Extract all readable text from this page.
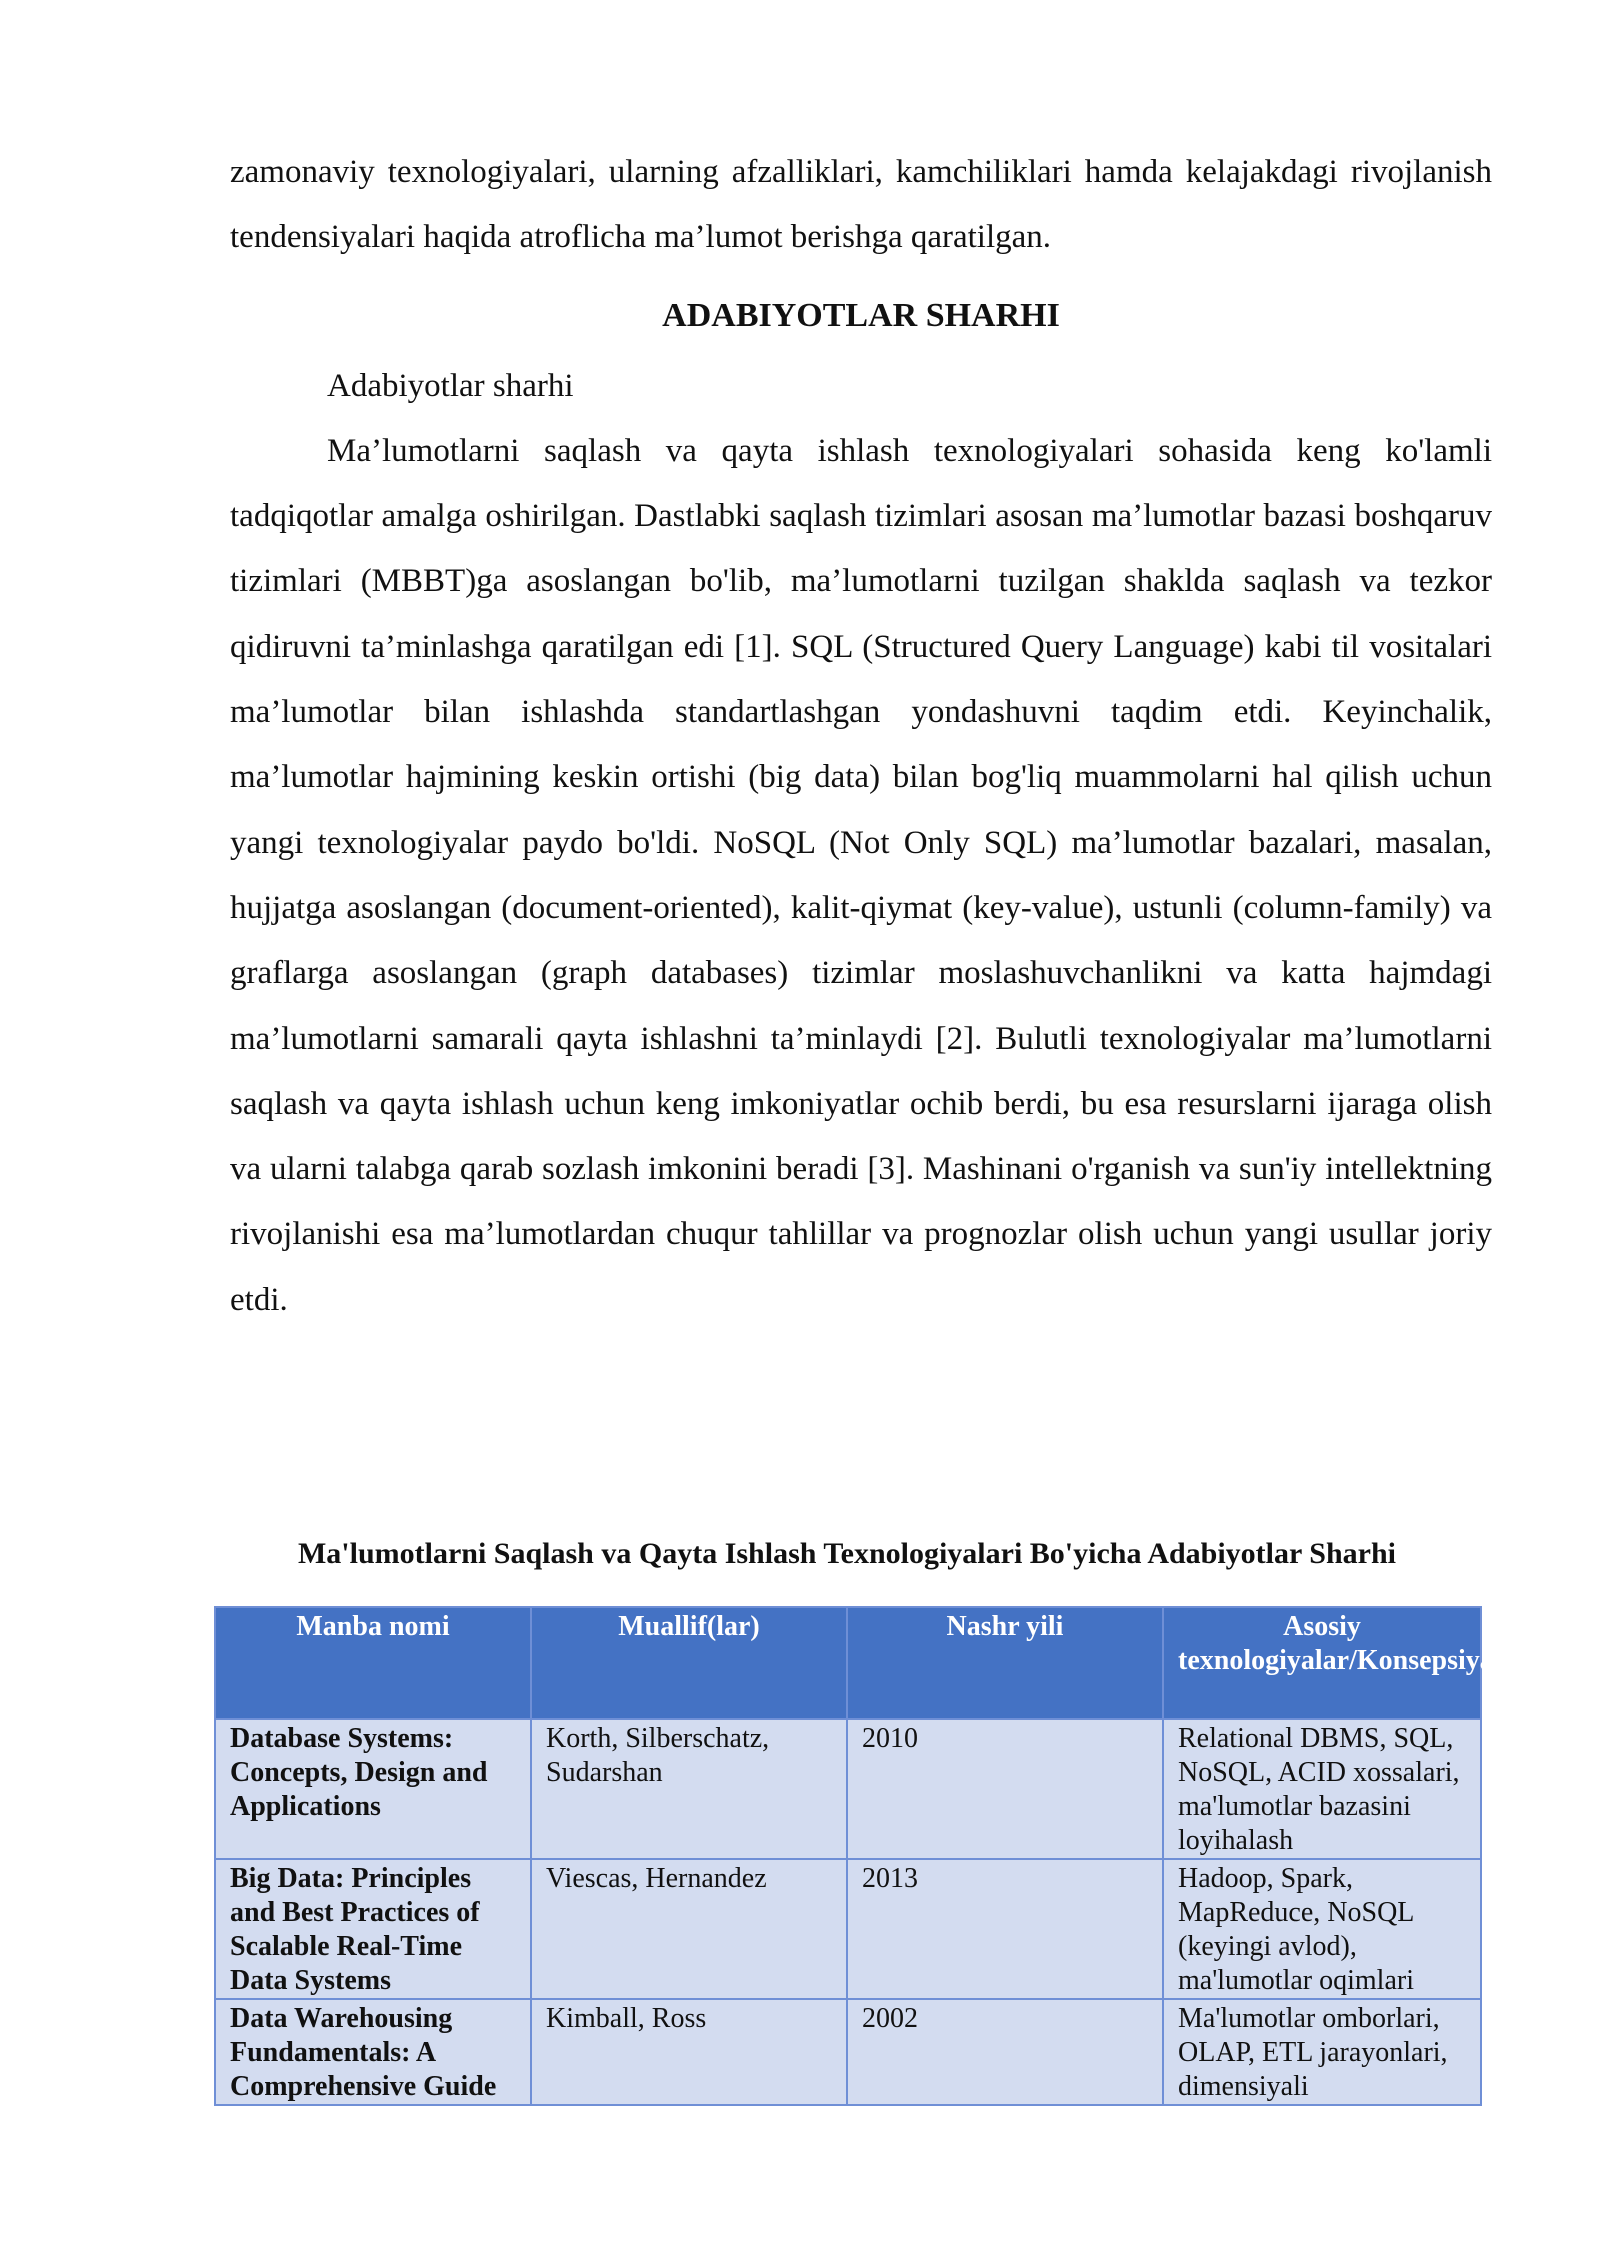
zamonaviy texnologiyalari, ularning afzalliklari, kamchiliklari hamda kelajakdagi rivojlanish tendensiyalari haqida atroflicha ma’lumot berishga qaratilgan.

ADABIYOTLAR SHARHI

Adabiyotlar sharhi

Ma’lumotlarni saqlash va qayta ishlash texnologiyalari sohasida keng ko'lamli tadqiqotlar amalga oshirilgan. Dastlabki saqlash tizimlari asosan ma’lumotlar bazasi boshqaruv tizimlari (MBBT)ga asoslangan bo'lib, ma’lumotlarni tuzilgan shaklda saqlash va tezkor qidiruvni ta’minlashga qaratilgan edi [1]. SQL (Structured Query Language) kabi til vositalari ma’lumotlar bilan ishlashda standartlashgan yondashuvni taqdim etdi. Keyinchalik, ma’lumotlar hajmining keskin ortishi (big data) bilan bog'liq muammolarni hal qilish uchun yangi texnologiyalar paydo bo'ldi. NoSQL (Not Only SQL) ma’lumotlar bazalari, masalan, hujjatga asoslangan (document-oriented), kalit-qiymat (key-value), ustunli (column-family) va graflarga asoslangan (graph databases) tizimlar moslashuvchanlikni va katta hajmdagi ma’lumotlarni samarali qayta ishlashni ta’minlaydi [2]. Bulutli texnologiyalar ma’lumotlarni saqlash va qayta ishlash uchun keng imkoniyatlar ochib berdi, bu esa resurslarni ijaraga olish va ularni talabga qarab sozlash imkonini beradi [3]. Mashinani o'rganish va sun'iy intellektning rivojlanishi esa ma’lumotlardan chuqur tahlillar va prognozlar olish uchun yangi usullar joriy etdi.

Ma'lumotlarni Saqlash va Qayta Ishlash Texnologiyalari Bo'yicha Adabiyotlar Sharhi
Manba nomi	Muallif(lar)	Nashr yili	Asosiy texnologiyalar/Konsepsiyalar
Database Systems: Concepts, Design and Applications	Korth, Silberschatz, Sudarshan	2010	Relational DBMS, SQL, NoSQL, ACID xossalari, ma'lumotlar bazasini loyihalash
Big Data: Principles and Best Practices of Scalable Real-Time Data Systems	Viescas, Hernandez	2013	Hadoop, Spark, MapReduce, NoSQL (keyingi avlod), ma'lumotlar oqimlari
Data Warehousing Fundamentals: A Comprehensive Guide	Kimball, Ross	2002	Ma'lumotlar omborlari, OLAP, ETL jarayonlari, dimensiyali
